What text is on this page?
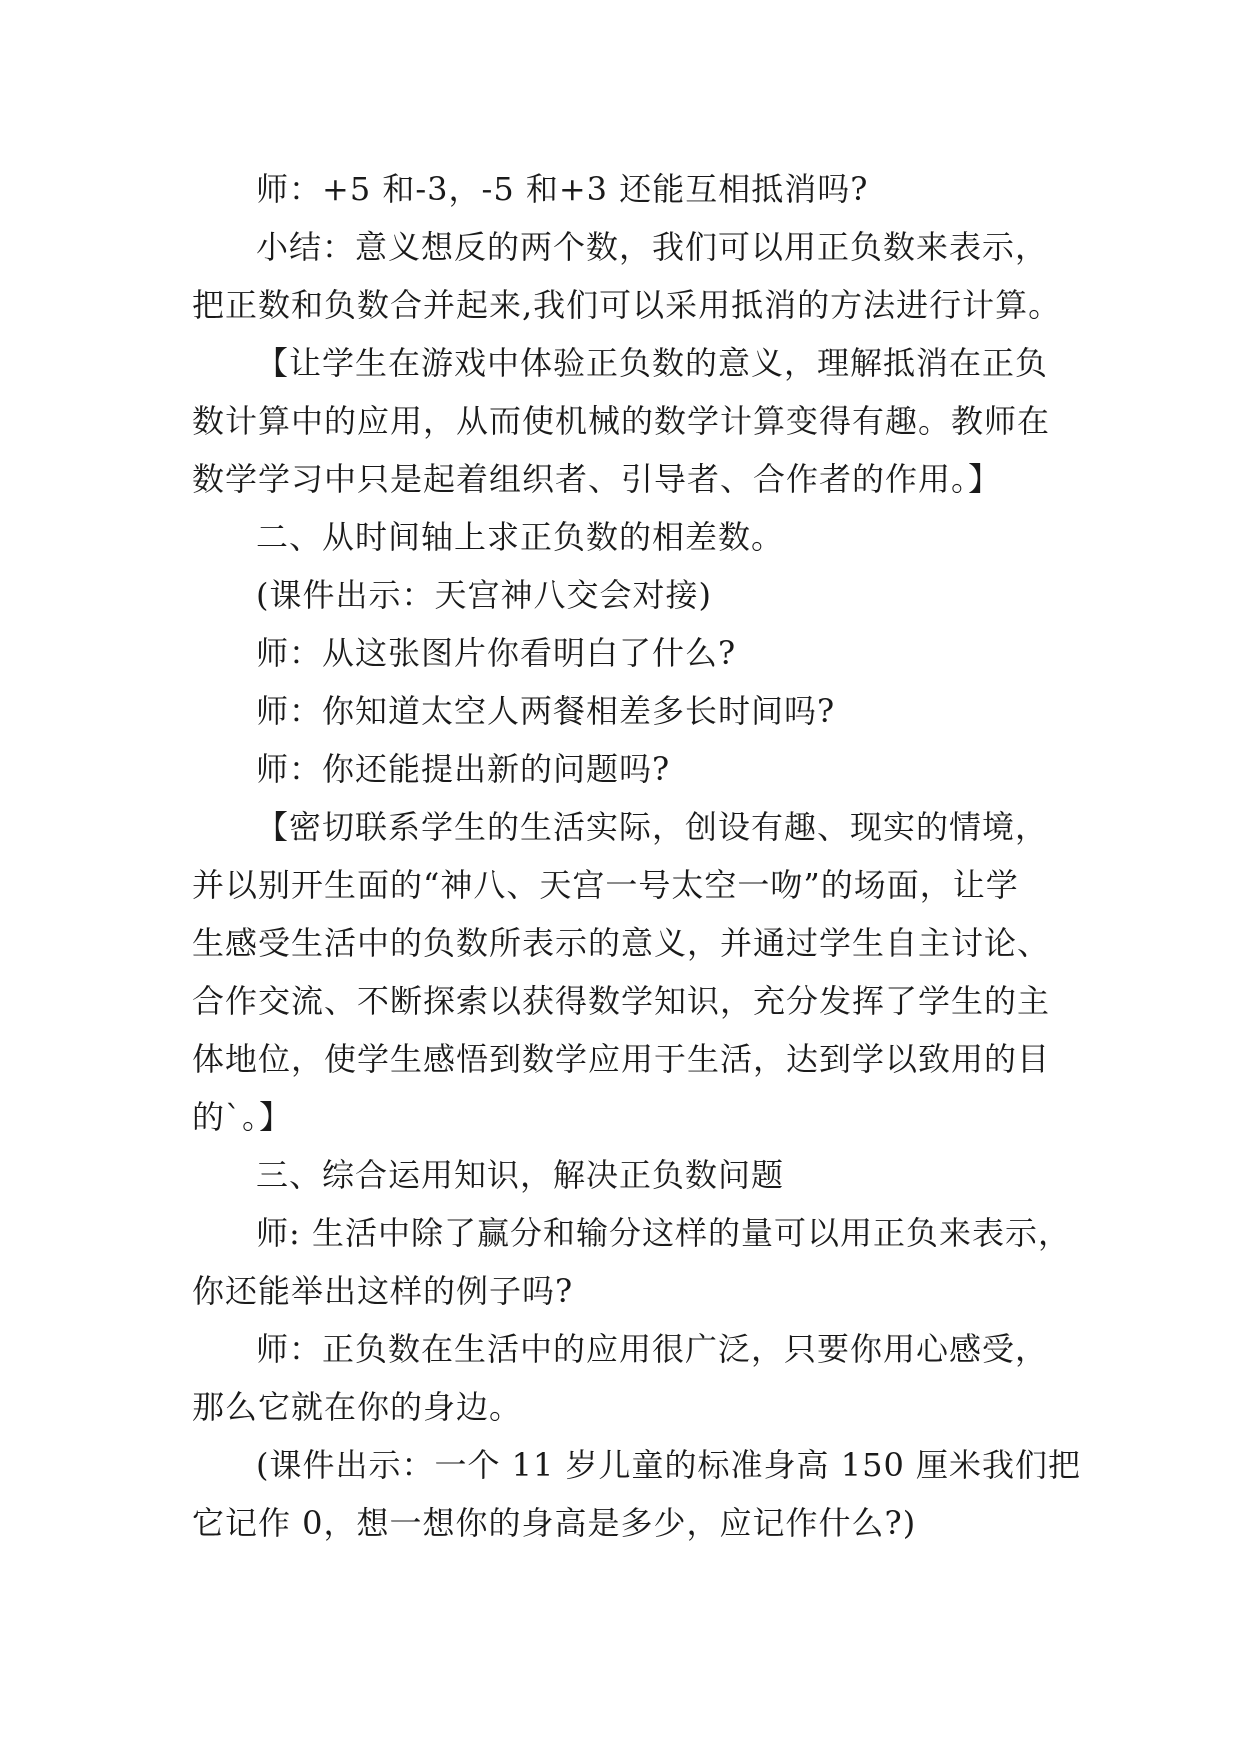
师：+5 和-3，-5 和+3 还能互相抵消吗?
小结：意义想反的两个数，我们可以用正负数来表示，
把正数和负数合并起来,我们可以采用抵消的方法进行计算。
【让学生在游戏中体验正负数的意义，理解抵消在正负
数计算中的应用，从而使机械的数学计算变得有趣。教师在
数学学习中只是起着组织者、引导者、合作者的作用。】
二、从时间轴上求正负数的相差数。
(课件出示：天宫神八交会对接)
师：从这张图片你看明白了什么?
师：你知道太空人两餐相差多长时间吗?
师：你还能提出新的问题吗?
【密切联系学生的生活实际，创设有趣、现实的情境，
并以别开生面的“神八、天宫一号太空一吻”的场面，让学
生感受生活中的负数所表示的意义，并通过学生自主讨论、
合作交流、不断探索以获得数学知识，充分发挥了学生的主
体地位，使学生感悟到数学应用于生活，达到学以致用的目
的`。】
三、综合运用知识，解决正负数问题
师: 生活中除了赢分和输分这样的量可以用正负来表示，
你还能举出这样的例子吗?
师：正负数在生活中的应用很广泛，只要你用心感受，
那么它就在你的身边。
(课件出示：一个 11 岁儿童的标准身高 150 厘米我们把
它记作 0，想一想你的身高是多少，应记作什么?)
